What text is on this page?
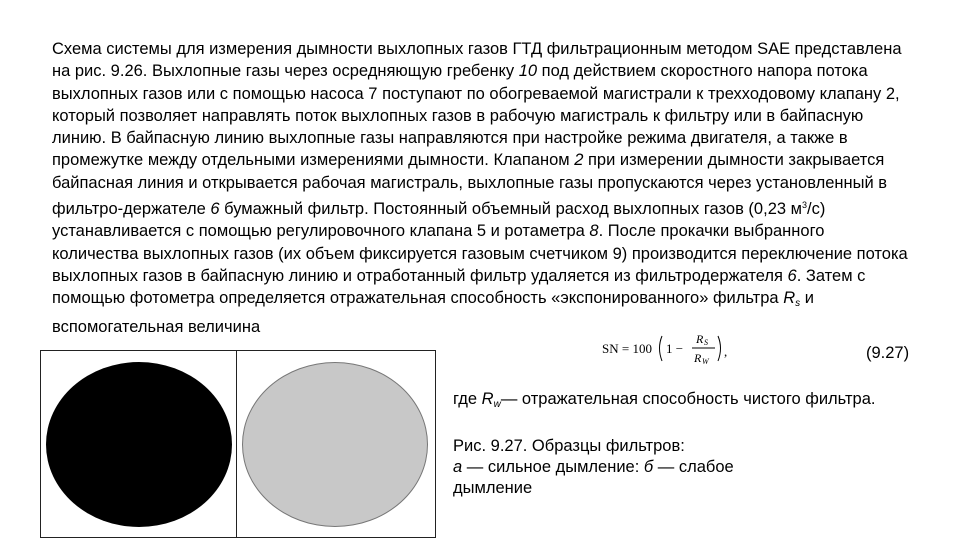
Схема системы для измерения дымности выхлопных газов ГТД фильтрационным методом SAE представлена на рис. 9.26. Выхлопные газы через осредняющую гребенку 10 под действием скоростного напора потока выхлопных газов или с помощью насоса 7 поступают по обогреваемой магистрали к трехходовому клапану 2, который позволяет направлять поток выхлопных газов в рабочую магистраль к фильтру или в байпасную линию. В байпасную линию выхлопные газы направляются при настройке режима двигателя, а также в промежутке между отдельными измерениями дымности. Клапаном 2 при измерении дымности закрывается байпасная линия и открывается рабочая магистраль, выхлопные газы пропускаются через установленный в фильтро-держателе 6 бумажный фильтр. Постоянный объемный расход выхлопных газов (0,23 $м^3/с$) устанавливается с помощью регулировочного клапана 5 и ротаметра 8. После прокачки выбранного количества выхлопных газов (их объем фиксируется газовым счетчиком 9) производится переключение потока выхлопных газов в байпасную линию и отработанный фильтр удаляется из фильтродержателя 6. Затем с помощью фотометра определяется отражательная способность «экспонированного» фильтра $R_s$ и вспомогательная величина
SN = 100 1 −
R S
R W
,	(9.27)
где $R_w—$ отражательная способность чистого фильтра.
Рис. 9.27. Образцы фильтров:
а — сильное дымление: б — слабое дымление
